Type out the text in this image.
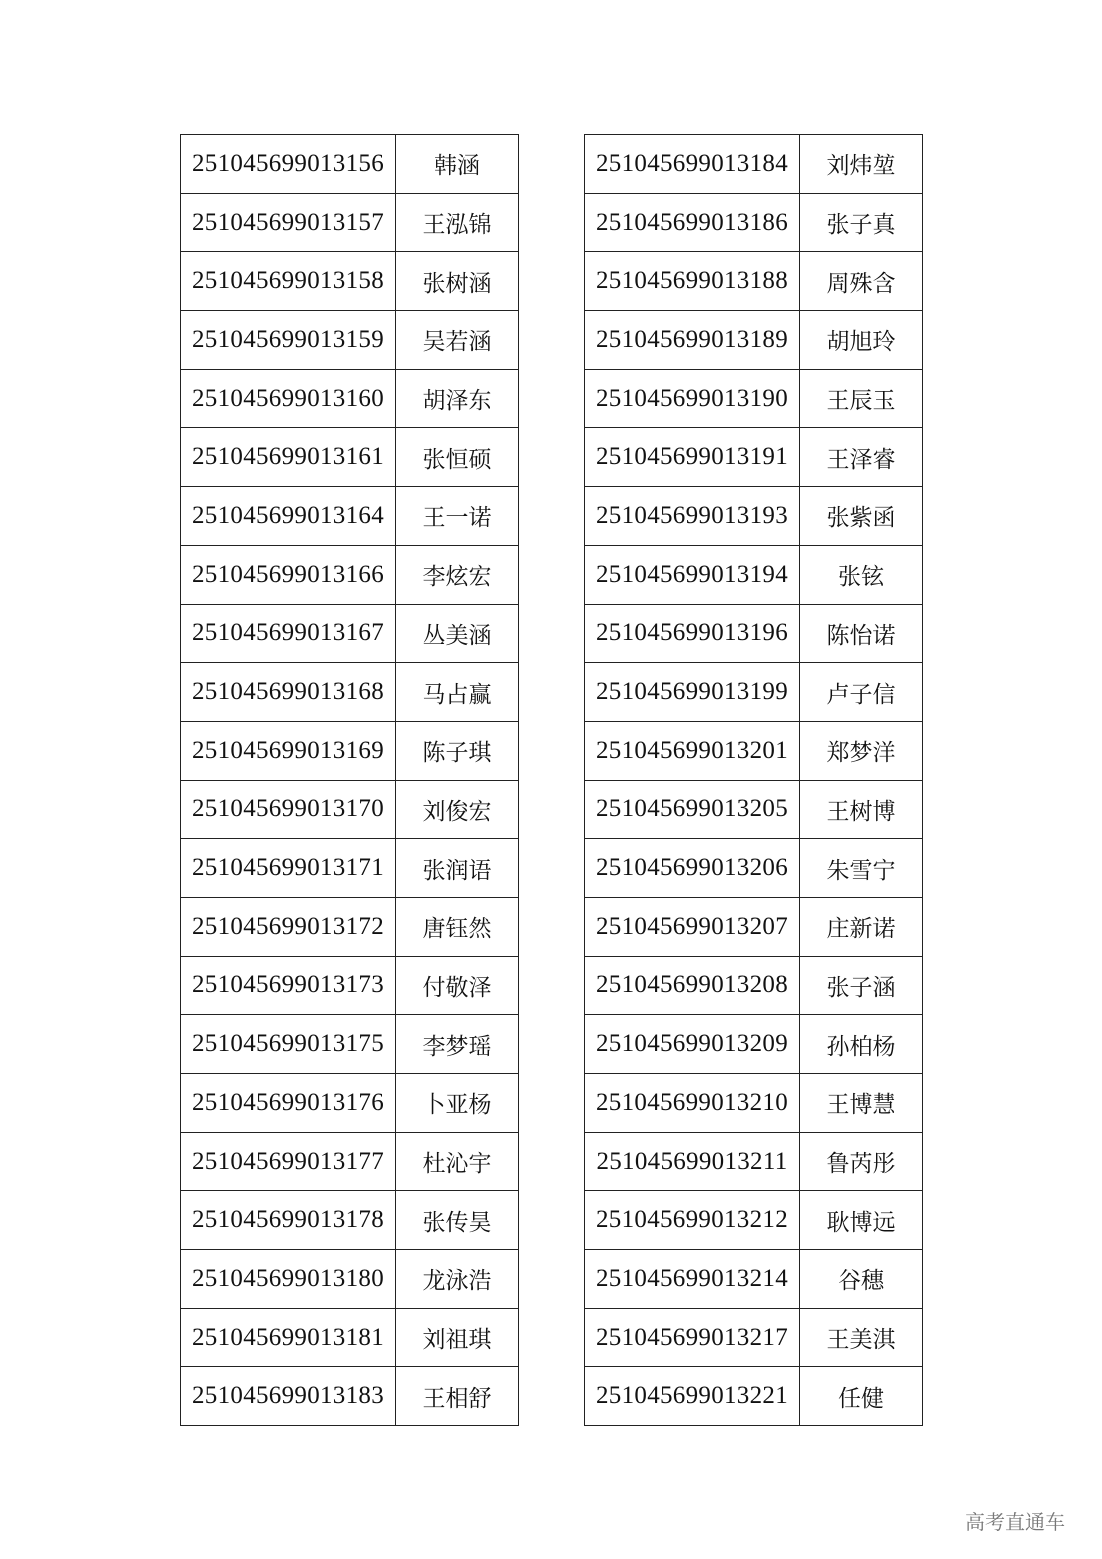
251045699013156	韩涵
251045699013157	王泓锦
251045699013158	张树涵
251045699013159	吴若涵
251045699013160	胡泽东
251045699013161	张恒硕
251045699013164	王一诺
251045699013166	李炫宏
251045699013167	丛美涵
251045699013168	马占赢
251045699013169	陈子琪
251045699013170	刘俊宏
251045699013171	张润语
251045699013172	唐钰然
251045699013173	付敬泽
251045699013175	李梦瑶
251045699013176	卜亚杨
251045699013177	杜沁宇
251045699013178	张传昊
251045699013180	龙泳浩
251045699013181	刘祖琪
251045699013183	王相舒
251045699013184	刘炜堃
251045699013186	张子真
251045699013188	周殊含
251045699013189	胡旭玲
251045699013190	王辰玉
251045699013191	王泽睿
251045699013193	张紫函
251045699013194	张铉
251045699013196	陈怡诺
251045699013199	卢子信
251045699013201	郑梦洋
251045699013205	王树博
251045699013206	朱雪宁
251045699013207	庄新诺
251045699013208	张子涵
251045699013209	孙柏杨
251045699013210	王博慧
251045699013211	鲁芮彤
251045699013212	耿博远
251045699013214	谷穗
251045699013217	王美淇
251045699013221	任健
高考直通车
